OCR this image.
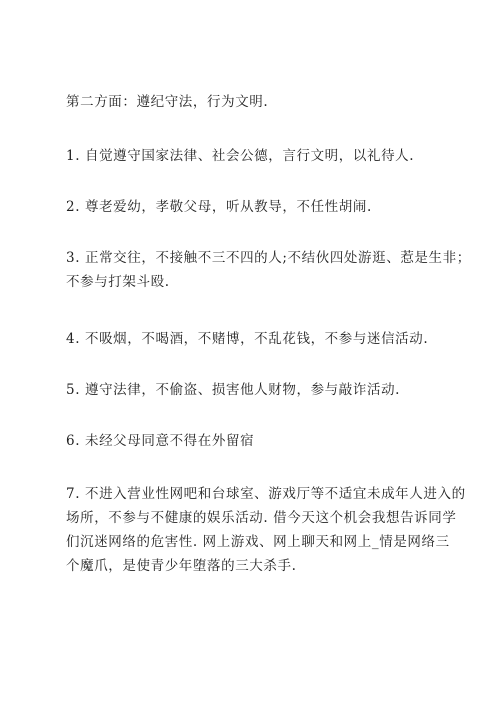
第二方面：遵纪守法，行为文明.
1. 自觉遵守国家法律、社会公德，言行文明，以礼待人.
2. 尊老爱幼，孝敬父母，听从教导，不任性胡闹.
3. 正常交往，不接触不三不四的人;不结伙四处游逛、惹是生非；
不参与打架斗殴.
4. 不吸烟，不喝酒，不赌博，不乱花钱，不参与迷信活动.
5. 遵守法律，不偷盗、损害他人财物，参与敲诈活动.
6. 未经父母同意不得在外留宿
7. 不进入营业性网吧和台球室、游戏厅等不适宜未成年人进入的
场所，不参与不健康的娱乐活动. 借今天这个机会我想告诉同学
们沉迷网络的危害性. 网上游戏、网上聊天和网上_情是网络三
个魔爪，是使青少年堕落的三大杀手.
